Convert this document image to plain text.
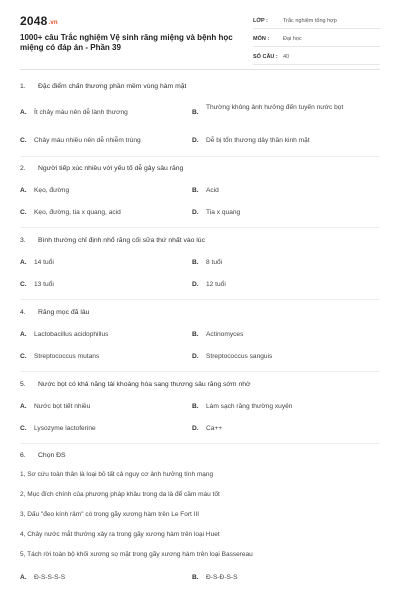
2048.vn
1000+ câu Trắc nghiệm Vệ sinh răng miệng và bệnh học miệng có đáp án - Phần 39
LỚP :	Trắc nghiệm tổng hợp
MÔN :	Đại học
SỐ CÂU : 40
1.	Đặc điểm chấn thương phần mềm vùng hàm mặt
A.	Ít chảy máu nên dễ lành thương	B.
Thường không ảnh hưởng đến tuyến nước bọt
C.	Chảy máu nhiều nên dễ nhiễm trùng	D.	Dễ bị tổn thương dây thần kinh mặt
2.	Người tiếp xúc nhiều với yếu tố dễ gây sâu răng
A.	Kẹo, đường	B.	Acid
C.	Kẹo, đường, tia x quang, acid	D.	Tia x quang
3.	Bình thường chỉ định nhổ răng cối sữa thứ nhất vào lúc
A.	14 tuổi	B.	8 tuổi
C.	13 tuổi	D.	12 tuổi
4.	Răng mọc đã lâu
A.	Lactobacillus acidophillus	B.	Actinomyces
C.	Streptococcus mutans	D.	Streptococcus sanguis
5.	Nước bọt có khả năng tái khoáng hóa sang thương sâu răng sớm nhờ
A.	Nước bọt tiết nhiều	B.	Làm sạch răng thường xuyên
C.	Lysozyme lactoferine	D.	Ca++
6.	Chọn ĐS
1, Sơ cứu toàn thân là loại bỏ tất cả nguy cơ ảnh hưởng tính mạng
2, Mục đích chính của phương pháp khâu trong da là để cầm máu tốt
3, Dấu "đeo kính râm" có trong gãy xương hàm trên Le Fort III
4, Chảy nước mắt thường xảy ra trong gãy xương hàm trên loại Huet
5, Tách rời toàn bộ khối xương sọ mặt trong gãy xương hàm trên loại Bassereau
A.	Đ-S-S-S-S	B.	Đ-S-Đ-S-S
